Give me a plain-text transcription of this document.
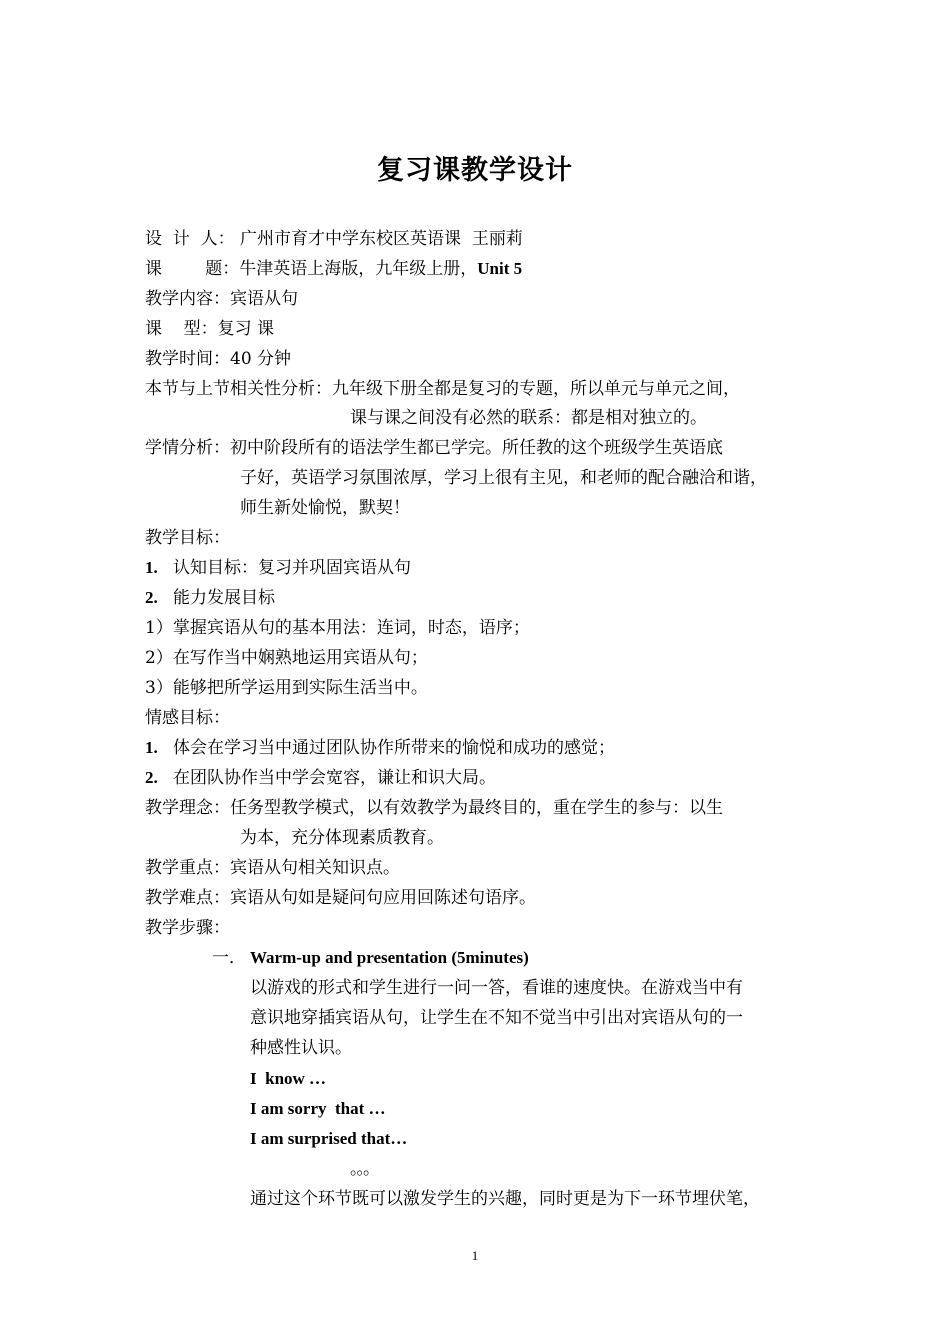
复习课教学设计
设  计  人： 广州市育才中学东校区英语课  王丽莉
课        题：牛津英语上海版，九年级上册，Unit 5
教学内容：宾语从句
课    型：复习 课
教学时间：40 分钟
本节与上节相关性分析：九年级下册全都是复习的专题，所以单元与单元之间，
课与课之间没有必然的联系：都是相对独立的。
学情分析：初中阶段所有的语法学生都已学完。所任教的这个班级学生英语底
子好，英语学习氛围浓厚，学习上很有主见，和老师的配合融洽和谐，
师生新处愉悦，默契！
教学目标：
1. 认知目标：复习并巩固宾语从句
2. 能力发展目标
1）掌握宾语从句的基本用法：连词，时态，语序；
2）在写作当中娴熟地运用宾语从句；
3）能够把所学运用到实际生活当中。
情感目标：
1. 体会在学习当中通过团队协作所带来的愉悦和成功的感觉；
2. 在团队协作当中学会宽容，谦让和识大局。
教学理念：任务型教学模式，以有效教学为最终目的，重在学生的参与：以生
为本，充分体现素质教育。
教学重点：宾语从句相关知识点。
教学难点：宾语从句如是疑问句应用回陈述句语序。
教学步骤：
一． Warm-up and presentation (5minutes)
以游戏的形式和学生进行一问一答，看谁的速度快。在游戏当中有
意识地穿插宾语从句，让学生在不知不觉当中引出对宾语从句的一
种感性认识。
I  know …
I am sorry  that …
I am surprised that…
。。。
通过这个环节既可以激发学生的兴趣，同时更是为下一环节埋伏笔，
1
